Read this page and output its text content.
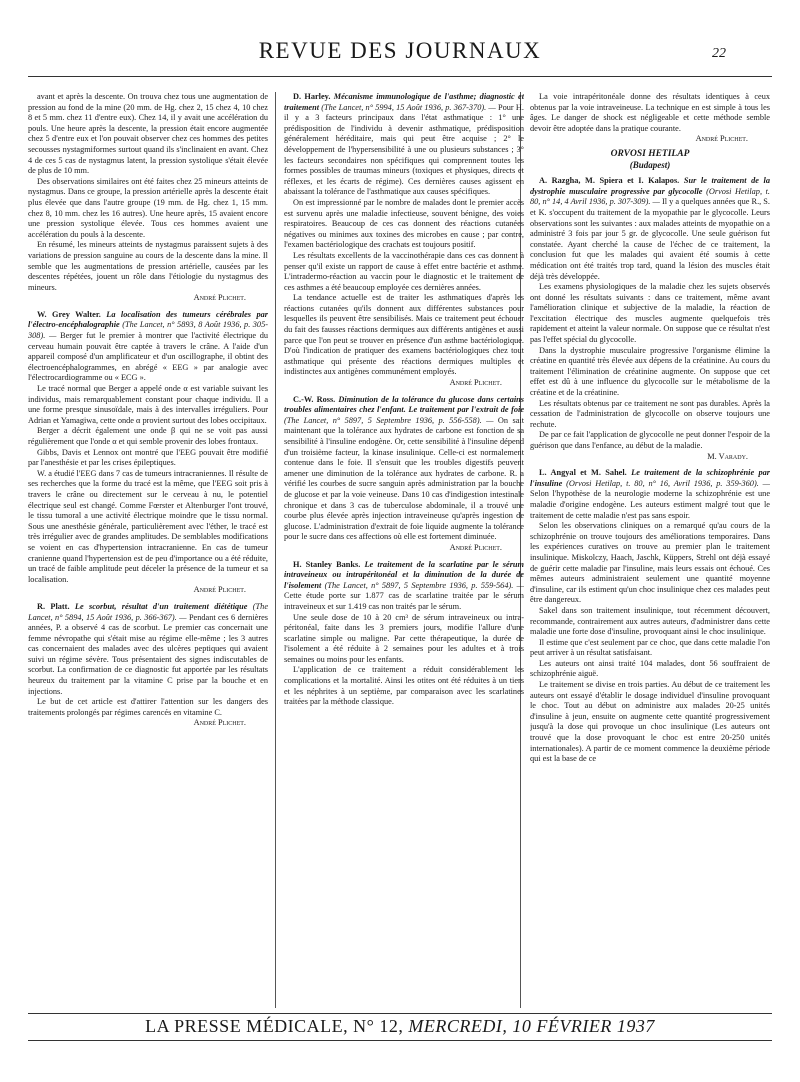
REVUE DES JOURNAUX	22

avant et après la descente. On trouva chez tous une augmentation de pression au fond de la mine (20 mm. de Hg. chez 2, 15 chez 4, 10 chez 8 et 5 mm. chez 11 d'entre eux). Chez 14, il y avait une accélération du pouls. Une heure après la descente, la pression était encore augmentée chez 5 d'entre eux et l'on pouvait observer chez ces hommes des petites secousses nystagmiformes surtout quand ils s'inclinaient en avant. Chez 4 de ces 5 cas de nystagmus latent, la pression systolique s'était élevée de plus de 10 mm.

Des observations similaires ont été faites chez 25 mineurs atteints de nystagmus. Dans ce groupe, la pression artérielle après la descente était plus élevée que dans l'autre groupe (19 mm. de Hg. chez 1, 15 mm. chez 8, 10 mm. chez les 16 autres). Une heure après, 15 avaient encore une pression systolique élevée. Tous ces hommes avaient une accélération du pouls à la descente.

En résumé, les mineurs atteints de nystagmus paraissent sujets à des variations de pression sanguine au cours de la descente dans la mine. Il semble que les augmentations de pression artérielle, causées par les descentes répétées, jouent un rôle dans l'étiologie du nystagmus des mineurs.

André Plichet.

W. Grey Walter. La localisation des tumeurs cérébrales par l'électro-encéphalographie (The Lancet, n° 5893, 8 Août 1936, p. 305-308). — Berger fut le premier à montrer que l'activité électrique du cerveau humain pouvait être captée à travers le crâne. A l'aide d'un appareil composé d'un amplificateur et d'un oscillographe, il obtint des électroencéphalogrammes, en abrégé « EEG » par analogie avec l'électrocardiogramme ou « ECG ».

Le tracé normal que Berger a appelé onde α est variable suivant les individus, mais remarquablement constant pour chaque individu. Il a une forme presque sinusoïdale, mais à des intervalles irréguliers. Pour Adrian et Yamagiwa, cette onde α provient surtout des lobes occipitaux.

Berger a décrit également une onde β qui ne se voit pas aussi régulièrement que l'onde α et qui semble provenir des lobes frontaux.

Gibbs, Davis et Lennox ont montré que l'EEG pouvait être modifié par l'anesthésie et par les crises épileptiques.

W. a étudié l'EEG dans 7 cas de tumeurs intracraniennes. Il résulte de ses recherches que la forme du tracé est la même, que l'EEG soit pris à travers le crâne ou directement sur le cerveau à nu, le potentiel électrique seul est changé. Comme Fœrster et Altenburger l'ont trouvé, le tissu tumoral a une activité électrique moindre que le tissu normal. Sous une anesthésie générale, particulièrement avec l'éther, le tracé est très irrégulier avec de grandes amplitudes. De semblables modifications se voient en cas d'hypertension intracranienne. En cas de tumeur cranienne quand l'hypertension est de peu d'importance ou a été réduite, un tracé de faible amplitude peut déceler la présence de la tumeur et sa localisation.

André Plichet.

R. Platt. Le scorbut, résultat d'un traitement diététique (The Lancet, n° 5894, 15 Août 1936, p. 366-367). — Pendant ces 6 dernières années, P. a observé 4 cas de scorbut. Le premier cas concernait une femme névropathe qui s'était mise au régime elle-même ; les 3 autres cas concernaient des malades avec des ulcères peptiques qui avaient suivi un régime sévère. Tous présentaient des signes indiscutables de scorbut. La confirmation de ce diagnostic fut apportée par les résultats heureux du traitement par la vitamine C prise par la bouche et en injections.

Le but de cet article est d'attirer l'attention sur les dangers des traitements prolongés par régimes carencés en vitamine C.

André Plichet.

D. Harley. Mécanisme immunologique de l'asthme; diagnostic et traitement (The Lancet, n° 5994, 15 Août 1936, p. 367-370). — Pour H. il y a 3 facteurs principaux dans l'état asthmatique : 1° une prédisposition de l'individu à devenir asthmatique, prédisposition généralement héréditaire, mais qui peut être acquise ; 2° le développement de l'hypersensibilité à une ou plusieurs substances ; 3° les facteurs secondaires non spécifiques qui comprennent toutes les formes possibles de traumas mineurs (toxiques et physiques, directs et réflexes, et les écarts de régime). Ces dernières causes agissent en abaissant la tolérance de l'asthmatique aux causes spécifiques.

On est impressionné par le nombre de malades dont le premier accès est survenu après une maladie infectieuse, souvent bénigne, des voies respiratoires. Beaucoup de ces cas donnent des réactions cutanées négatives ou minimes aux toxines des microbes en cause ; par contre, l'examen bactériologique des crachats est toujours positif.

Les résultats excellents de la vaccinothérapie dans ces cas donnent à penser qu'il existe un rapport de cause à effet entre bactérie et asthme. L'intradermo-réaction au vaccin pour le diagnostic et le traitement de ces asthmes a été beaucoup employée ces dernières années.

La tendance actuelle est de traiter les asthmatiques d'après les réactions cutanées qu'ils donnent aux différentes substances pour lesquelles ils peuvent être sensibilisés. Mais ce traitement peut échouer du fait des fausses réactions dermiques aux différents antigènes et aussi parce que l'on peut se trouver en présence d'un asthme bactériologique. D'où l'indication de pratiquer des examens bactériologiques chez tout asthmatique qui présente des réactions dermiques multiples et indistinctes aux antigènes communément employés.

André Plichet.

C.-W. Ross. Diminution de la tolérance du glucose dans certains troubles alimentaires chez l'enfant. Le traitement par l'extrait de foie (The Lancet, n° 5897, 5 Septembre 1936, p. 556-558). — On sait maintenant que la tolérance aux hydrates de carbone est fonction de sa sensibilité à l'insuline endogène. Or, cette sensibilité à l'insuline dépend d'un troisième facteur, la kinase insulinique. Celle-ci est normalement contenue dans le foie. Il s'ensuit que les troubles digestifs peuvent amener une diminution de la tolérance aux hydrates de carbone. R. a vérifié les courbes de sucre sanguin après administration par la bouche de glucose et par la voie veineuse. Dans 10 cas d'indigestion intestinale chronique et dans 3 cas de tuberculose abdominale, il a trouvé une courbe plus élevée après injection intraveineuse qu'après ingestion de glucose. L'administration d'extrait de foie liquide augmente la tolérance pour le sucre dans ces affections où elle est fortement diminuée.

André Plichet.

H. Stanley Banks. Le traitement de la scarlatine par le sérum intraveineux ou intrapéritonéal et la diminution de la durée de l'isolement (The Lancet, n° 5897, 5 Septembre 1936, p. 559-564). — Cette étude porte sur 1.877 cas de scarlatine traitée par le sérum intraveineux et sur 1.419 cas non traités par le sérum.

Une seule dose de 10 à 20 cm³ de sérum intraveineux ou intra-péritonéal, faite dans les 3 premiers jours, modifie l'allure d'une scarlatine simple ou maligne. Par cette thérapeutique, la durée de l'isolement a été réduite à 2 semaines pour les adultes et à trois semaines ou moins pour les enfants.

L'application de ce traitement a réduit considérablement les complications et la mortalité. Ainsi les otites ont été réduites à un tiers et les néphrites à un septième, par comparaison avec les scarlatines traitées par la méthode classique.

La voie intrapéritonéale donne des résultats identiques à ceux obtenus par la voie intraveineuse. La technique en est simple à tous les âges. Le danger de shock est négligeable et cette méthode semble devoir être adoptée dans la pratique courante.

André Plichet.

ORVOSI HETILAP

(Budapest)

A. Razgha, M. Spiera et I. Kalapos. Sur le traitement de la dystrophie musculaire progressive par glycocolle (Orvosi Hetilap, t. 80, n° 14, 4 Avril 1936, p. 307-309). — Il y a quelques années que R., S. et K. s'occupent du traitement de la myopathie par le glycocolle. Leurs observations sont les suivantes : aux malades atteints de myopathie on a administré 3 fois par jour 5 gr. de glycocolle. Une seule guérison fut constatée. Ayant cherché la cause de l'échec de ce traitement, la conclusion fut que les malades qui avaient été soumis à cette médication ont été traités trop tard, quand la lésion des muscles était déjà très développée.

Les examens physiologiques de la maladie chez les sujets observés ont donné les résultats suivants : dans ce traitement, même avant l'amélioration clinique et subjective de la maladie, la réaction de l'excitation électrique des muscles augmente quelquefois très rapidement et atteint la valeur normale. On suppose que ce résultat n'est pas l'effet spécial du glycocolle.

Dans la dystrophie musculaire progressive l'organisme élimine la créatine en quantité très élevée aux dépens de la créatinine. Au cours du traitement l'élimination de créatinine augmente. On suppose que cet effet est dû à une influence du glycocolle sur le métabolisme de la créatine et de la créatinine.

Les résultats obtenus par ce traitement ne sont pas durables. Après la cessation de l'administration de glycocolle on observe toujours une rechute.

De par ce fait l'application de glycocolle ne peut donner l'espoir de la guérison que dans l'enfance, au début de la maladie.

M. Varady.

L. Angyal et M. Sahel. Le traitement de la schizophrénie par l'insuline (Orvosi Hetilap, t. 80, n° 16, Avril 1936, p. 359-360). — Selon l'hypothèse de la neurologie moderne la schizophrénie est une maladie d'origine endogène. Les auteurs estiment malgré tout que le traitement de cette maladie n'est pas sans espoir.

Selon les observations cliniques on a remarqué qu'au cours de la schizophrénie on trouve toujours des améliorations temporaires. Dans les expériences curatives on trouve au premier plan le traitement insulinique. Miskolczy, Haach, Jaschk, Küppers, Strehl ont déjà essayé de guérir cette maladie par l'insuline, mais leurs essais ont échoué. Ces mêmes auteurs administraient seulement une quantité moyenne d'insuline, car ils estiment qu'un choc insulinique chez ces malades peut être dangereux.

Sakel dans son traitement insulinique, tout récemment découvert, recommande, contrairement aux autres auteurs, d'administrer dans cette maladie une forte dose d'insuline, provoquant ainsi le choc insulinique.

Il estime que c'est seulement par ce choc, que dans cette maladie l'on peut arriver à un résultat satisfaisant.

Les auteurs ont ainsi traité 104 malades, dont 56 souffraient de schizophrénie aiguë.

Le traitement se divise en trois parties. Au début de ce traitement les auteurs ont essayé d'établir le dosage individuel d'insuline provoquant le choc. Tout au début on administre aux malades 20-25 unités d'insuline à jeun, ensuite on augmente cette quantité progressivement jusqu'à la dose qui provoque un choc insulinique (Les auteurs ont trouvé que la dose provoquant le choc est entre 20-250 unités internationales). A partir de ce moment commence la deuxième période qui est la base de ce

LA PRESSE MÉDICALE, N° 12, MERCREDI, 10 FÉVRIER 1937
